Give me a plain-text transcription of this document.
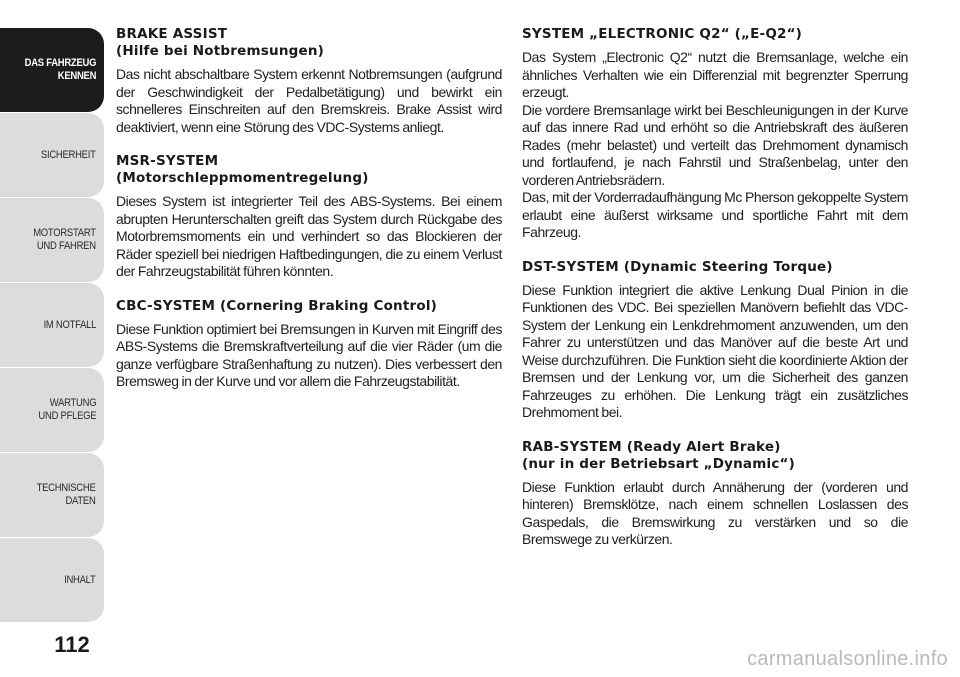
DAS FAHRZEUG
KENNEN
SICHERHEIT
MOTORSTART
UND FAHREN
IM NOTFALL
WARTUNG
UND PFLEGE
TECHNISCHE
DATEN
INHALT
112
BRAKE ASSIST
(Hilfe bei Notbremsungen)

Das nicht abschaltbare System erkennt Notbremsungen (aufgrund der Geschwindigkeit der Pedalbetätigung) und bewirkt ein schnelleres Einschreiten auf den Bremskreis. Brake Assist wird deaktiviert, wenn eine Störung des VDC-Systems anliegt.

MSR-SYSTEM
(Motorschleppmomentregelung)

Dieses System ist integrierter Teil des ABS-Systems. Bei einem abrupten Herunterschalten greift das System durch Rückgabe des Motorbremsmoments ein und verhindert so das Blockieren der Räder speziell bei niedrigen Haftbedingungen, die zu einem Verlust der Fahrzeugstabilität führen könnten.

CBC-SYSTEM (Cornering Braking Control)

Diese Funktion optimiert bei Bremsungen in Kurven mit Eingriff des ABS-Systems die Bremskraftverteilung auf die vier Räder (um die ganze verfügbare Straßenhaftung zu nutzen). Dies verbessert den Bremsweg in der Kurve und vor allem die Fahrzeugstabilität.

SYSTEM „ELECTRONIC Q2“ („E-Q2“)

Das System „Electronic Q2“ nutzt die Bremsanlage, welche ein ähnliches Verhalten wie ein Differenzial mit begrenzter Sperrung erzeugt.
Die vordere Bremsanlage wirkt bei Beschleunigungen in der Kurve auf das innere Rad und erhöht so die Antriebskraft des äußeren Rades (mehr belastet) und verteilt das Drehmoment dynamisch und fortlaufend, je nach Fahrstil und Straßenbelag, unter den vorderen Antriebsrädern.
Das, mit der Vorderradaufhängung Mc Pherson gekoppelte System erlaubt eine äußerst wirksame und sportliche Fahrt mit dem Fahrzeug.

DST-SYSTEM (Dynamic Steering Torque)

Diese Funktion integriert die aktive Lenkung Dual Pinion in die Funktionen des VDC. Bei speziellen Manövern befiehlt das VDC-System der Lenkung ein Lenkdrehmoment anzuwenden, um den Fahrer zu unterstützen und das Manöver auf die beste Art und Weise durchzuführen. Die Funktion sieht die koordinierte Aktion der Bremsen und der Lenkung vor, um die Sicherheit des ganzen Fahrzeuges zu erhöhen. Die Lenkung trägt ein zusätzliches Drehmoment bei.

RAB-SYSTEM (Ready Alert Brake)
(nur in der Betriebsart „Dynamic“)

Diese Funktion erlaubt durch Annäherung der (vorderen und hinteren) Bremsklötze, nach einem schnellen Loslassen des Gaspedals, die Bremswirkung zu verstärken und so die Bremswege zu verkürzen.

carmanualsonline.info
